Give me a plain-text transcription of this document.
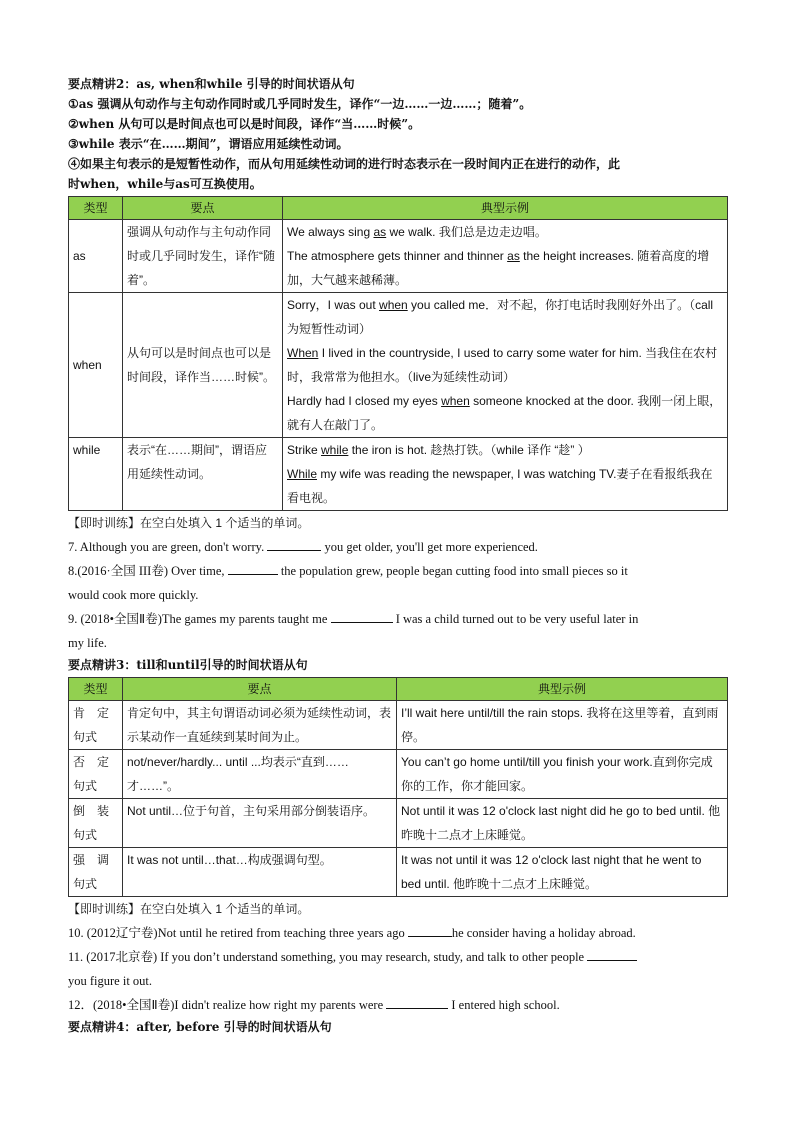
要点精讲2：as, when和while 引导的时间状语从句
①as 强调从句动作与主句动作同时或几乎同时发生，译作“一边……一边……；随着”。
②when 从句可以是时间点也可以是时间段，译作“当……时候”。
③while 表示“在……期间”，谓语应用延续性动词。
④如果主句表示的是短暂性动作，而从句用延续性动词的进行时态表示在一段时间内正在进行的动作，此
时when，while与as可互换使用。
类型	要点	典型示例
as	强调从句动作与主句动作同时或几乎同时发生，译作“随着”。	We always sing as we walk. 我们总是边走边唱。

The atmosphere gets thinner and thinner as the height increases. 随着高度的增加，大气越来越稀薄。

when	从句可以是时间点也可以是时间段，译作当……时候”。	Sorry，I was out when you called me．对不起，你打电话时我刚好外出了。（call为短暂性动词）

When I lived in the countryside, I used to carry some water for him. 当我住在农村时，我常常为他担水。（live为延续性动词）

Hardly had I closed my eyes when someone knocked at the door. 我刚一闭上眼，就有人在敲门了。

while	表示“在……期间”，谓语应用延续性动词。	Strike while the iron is hot. 趁热打铁。（while 译作 “趁” ）

While my wife was reading the newspaper, I was watching TV.妻子在看报纸我在看电视。

【即时训练】在空白处填入 1 个适当的单词。
7. Although you are green, don't worry.	you get older, you'll get more experienced.
8.(2016·全国 III卷) Over time,	the population grew, people began cutting food into small pieces so it
would cook more quickly.
9. (2018•全国Ⅱ卷)The games my parents taught me	I was a child turned out to be very useful later in
my life.
要点精讲3：till和until引导的时间状语从句
类型	要点	典型示例
肯　定句式	肯定句中，其主句谓语动词必须为延续性动词，表示某动作一直延续到某时间为止。	I’ll wait here until/till the rain stops. 我将在这里等着，直到雨停。
否　定句式	not/never/hardly... until ...均表示“直到……才……”。	You can’t go home until/till you finish your work.直到你完成你的工作，你才能回家。
倒　装句式	Not until…位于句首，主句采用部分倒装语序。	Not until it was 12 o'clock last night did he go to bed until. 他昨晚十二点才上床睡觉。
强　调句式	It was not until…that…构成强调句型。	It was not until it was 12 o'clock last night that he went to bed until. 他昨晚十二点才上床睡觉。
【即时训练】在空白处填入 1 个适当的单词。
10. (2012辽宁卷)Not until he retired from teaching three years ago	he consider having a holiday abroad.
11. (2017北京卷) If you don’t understand something, you may research, study, and talk to other people
you figure it out.
12．(2018•全国Ⅱ卷)I didn't realize how right my parents were	I entered high school.
要点精讲4：after, before 引导的时间状语从句
